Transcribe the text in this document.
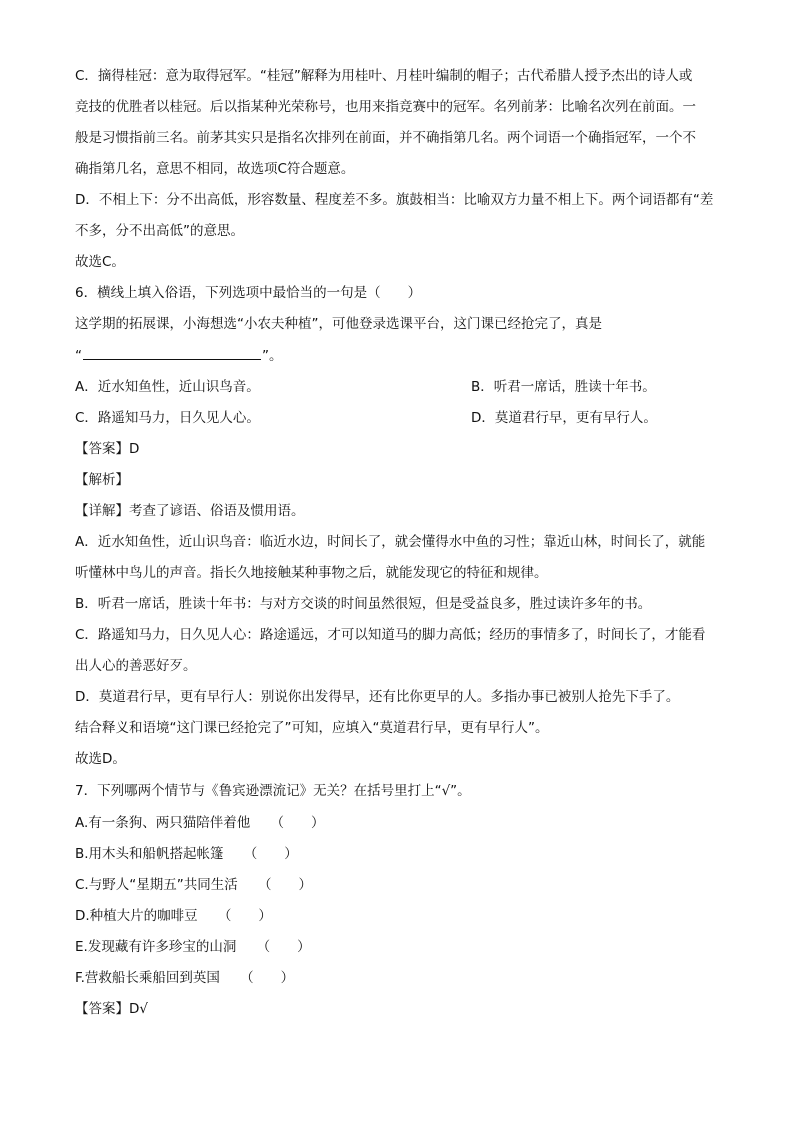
C．摘得桂冠：意为取得冠军。“桂冠”解释为用桂叶、月桂叶编制的帽子；古代希腊人授予杰出的诗人或
竞技的优胜者以桂冠。后以指某种光荣称号，也用来指竞赛中的冠军。名列前茅：比喻名次列在前面。一
般是习惯指前三名。前茅其实只是指名次排列在前面，并不确指第几名。两个词语一个确指冠军，一个不
确指第几名，意思不相同，故选项C符合题意。
D．不相上下：分不出高低，形容数量、程度差不多。旗鼓相当：比喻双方力量不相上下。两个词语都有“差
不多，分不出高低”的意思。
故选C。
6．横线上填入俗语，下列选项中最恰当的一句是（　　）
这学期的拓展课，小海想选“小农夫种植”，可他登录选课平台，这门课已经抢完了，真是
“	”。
A．近水知鱼性，近山识鸟音。	B．听君一席话，胜读十年书。
C．路遥知马力，日久见人心。	D．莫道君行早，更有早行人。
【答案】D
【解析】
【详解】考查了谚语、俗语及惯用语。
A．近水知鱼性，近山识鸟音：临近水边，时间长了，就会懂得水中鱼的习性；靠近山林，时间长了，就能
听懂林中鸟儿的声音。指长久地接触某种事物之后，就能发现它的特征和规律。
B．听君一席话，胜读十年书：与对方交谈的时间虽然很短，但是受益良多，胜过读许多年的书。
C．路遥知马力，日久见人心：路途遥远，才可以知道马的脚力高低；经历的事情多了，时间长了，才能看
出人心的善恶好歹。
D．莫道君行早，更有早行人：别说你出发得早，还有比你更早的人。多指办事已被别人抢先下手了。
结合释义和语境“这门课已经抢完了”可知，应填入“莫道君行早，更有早行人”。
故选D。
7．下列哪两个情节与《鲁宾逊漂流记》无关？在括号里打上“√”。
A.有一条狗、两只猫陪伴着他　　（　　）
B.用木头和船帆搭起帐篷　　（　　）
C.与野人“星期五”共同生活　　（　　）
D.种植大片的咖啡豆　　（　　）
E.发现藏有许多珍宝的山洞　　（　　）
F.营救船长乘船回到英国　　（　　）
【答案】D√
